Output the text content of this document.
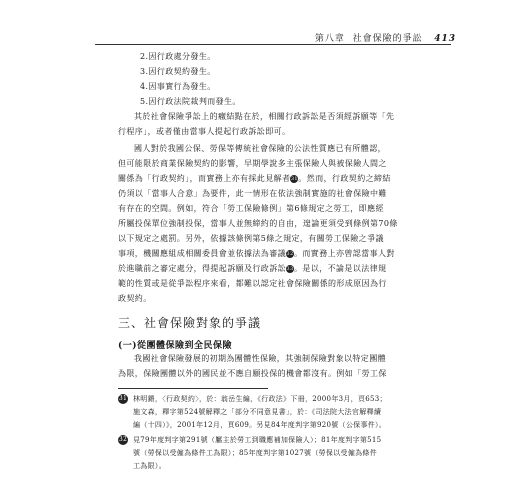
第八章 社會保險的爭訟 413
2.因行政處分發生。
3.因行政契約發生。
4.因事實行為發生。
5.因行政法院裁判而發生。
其於社會保險爭訟上的癥結點在於，相關行政訴訟是否須經訴願等「先
行程序」，或者僅由當事人提起行政訴訟即可。
國人對於我國公保、勞保等傳統社會保險的公法性質應已有所體認，
但可能限於商業保險契約的影響，早期學說多主張保險人與被保險人間之
關係為「行政契約」，而實務上亦有採此見解者31。然而，行政契約之締結
仍須以「當事人合意」為要件，此一情形在依法強制實施的社會保險中難
有存在的空間。例如，符合「勞工保險條例」第6條規定之勞工，即應經
所屬投保單位強制投保，當事人並無締約的自由，遑論更須受到條例第70條
以下規定之處罰。另外，依據該條例第5條之規定，有關勞工保險之爭議
事項，機關應組成相關委員會並依據法為審議32。而實務上亦曾認當事人對
於進職前之審定處分，得提起訴願及行政訴訟33。是以，不論是以法律規
範的性質或是從爭訟程序來看，都難以認定社會保險關係的形成原因為行
政契約。
三、社會保險對象的爭議
(一)從團體保險到全民保險
我國社會保險發展的初期為團體性保險，其強制保險對象以特定團體
為限，保險團體以外的國民並不應自願投保的機會都沒有。例如「勞工保
31 林明鏘，〈行政契約〉，於：翁岳生編，《行政法》下冊，2000年3月，頁653；
施文森，釋字第524號解釋之「部分不同意見書」，於：《司法院大法官解釋續
編（十四）》，2001年12月，頁609。另見84年度判字第920號（公保事件）。
32 見79年度判字第291號（屬主於勞工到職應補加保險人）；81年度判字第515
號（勞保以受僱為條件工為限）；85年度判字第1027號（勞保以受僱為條件
工為限）。
